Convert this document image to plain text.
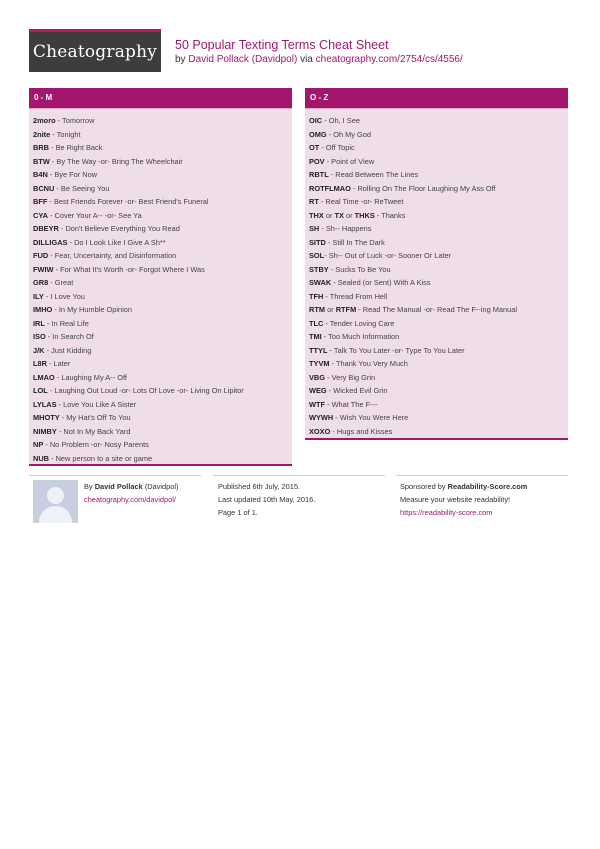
Cheatography	50 Popular Texting Terms Cheat Sheet
by David Pollack (Davidpol) via cheatography.com/2754/cs/4556/
0 - M
2moro - Tomorrow
2nite - Tonight
BRB - Be Right Back
BTW - By The Way -or- Bring The Wheelchair
B4N - Bye For Now
BCNU - Be Seeing You
BFF - Best Friends Forever -or- Best Friend's Funeral
CYA - Cover Your A-- -or- See Ya
DBEYR - Don't Believe Everything You Read
DILLIGAS - Do I Look Like I Give A Sh**
FUD - Fear, Uncertainty, and Disinformation
FWIW - For What It's Worth -or- Forgot Where I Was
GR8 - Great
ILY - I Love You
IMHO - In My Humble Opinion
IRL - In Real Life
ISO - In Search Of
J/K - Just Kidding
L8R - Later
LMAO - Laughing My A-- Off
LOL - Laughing Out Loud -or- Lots Of Love -or- Living On Lipitor
LYLAS - Love You Like A Sister
MHOTY - My Hat's Off To You
NIMBY - Not In My Back Yard
NP - No Problem -or- Nosy Parents
NUB - New person to a site or game
O - Z
OIC - Oh, I See
OMG - Oh My God
OT - Off Topic
POV - Point of View
RBTL - Read Between The Lines
ROTFLMAO - Rolling On The Floor Laughing My Ass Off
RT - Real Time -or- ReTweet
THX or TX or THKS - Thanks
SH - Sh-- Happens
SITD - Still In The Dark
SOL- Sh-- Out of Luck -or- Sooner Or Later
STBY - Sucks To Be You
SWAK - Sealed (or Sent) With A Kiss
TFH - Thread From Hell
RTM or RTFM - Read The Manual -or- Read The F--ing Manual
TLC - Tender Loving Care
TMI - Too Much Information
TTYL - Talk To You Later -or- Type To You Later
TYVM - Thank You Very Much
VBG - Very Big Grin
WEG - Wicked Evil Grin
WTF - What The F---
WYWH - Wish You Were Here
XOXO - Hugs and Kisses
By David Pollack (Davidpol)
cheatography.com/davidpol/
Published 6th July, 2015.
Last updated 10th May, 2016.
Page 1 of 1.
Sponsored by Readability-Score.com
Measure your website readability!
https://readability-score.com
